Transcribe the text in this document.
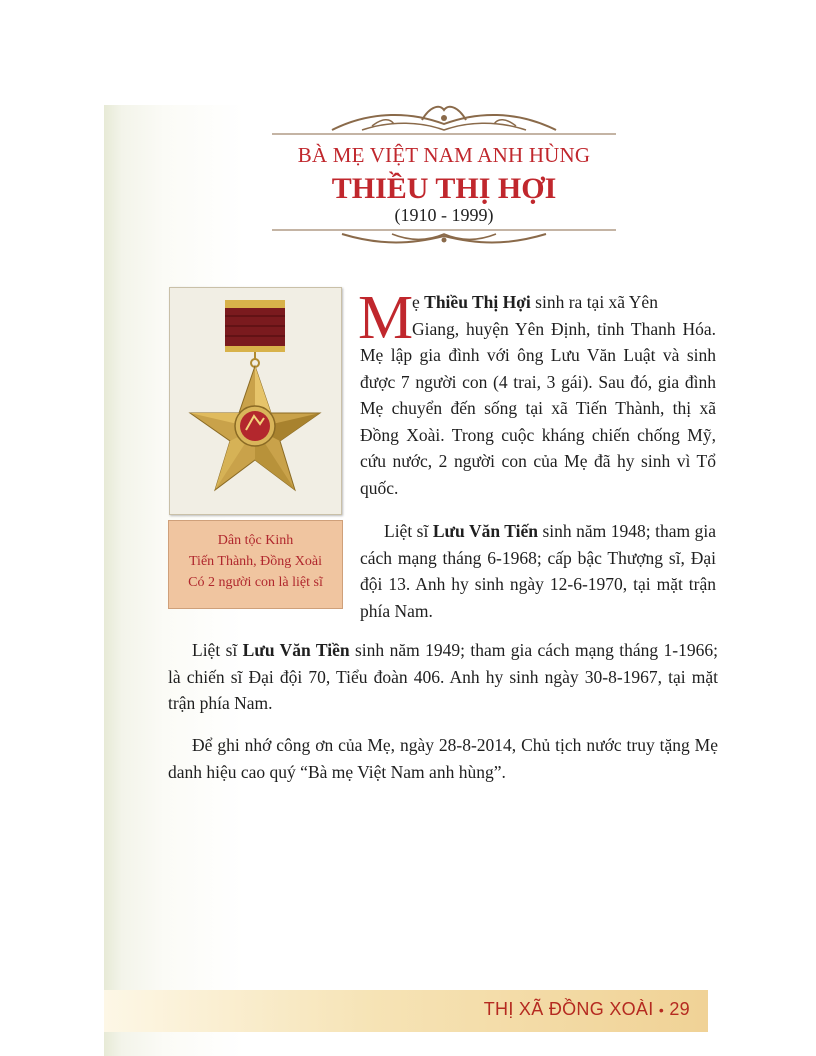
BÀ MẸ VIỆT NAM ANH HÙNG
THIỀU THỊ HỢI
(1910 - 1999)
Dân tộc Kinh
Tiến Thành, Đồng Xoài
Có 2 người con là liệt sĩ
M
ẹ Thiều Thị Hợi sinh ra tại xã Yên
Giang, huyện Yên Định, tỉnh Thanh Hóa. Mẹ lập gia đình với ông Lưu Văn Luật và sinh được 7 người con (4 trai, 3 gái). Sau đó, gia đình Mẹ chuyển đến sống tại xã Tiến Thành, thị xã Đồng Xoài. Trong cuộc kháng chiến chống Mỹ, cứu nước, 2 người con của Mẹ đã hy sinh vì Tổ quốc.
Liệt sĩ Lưu Văn Tiến sinh năm 1948; tham gia cách mạng tháng 6-1968; cấp bậc Thượng sĩ, Đại đội 13. Anh hy sinh ngày 12-6-1970, tại mặt trận phía Nam.
Liệt sĩ Lưu Văn Tiền sinh năm 1949; tham gia cách mạng tháng 1-1966; là chiến sĩ Đại đội 70, Tiểu đoàn 406. Anh hy sinh ngày 30-8-1967, tại mặt trận phía Nam.
Để ghi nhớ công ơn của Mẹ, ngày 28-8-2014, Chủ tịch nước truy tặng Mẹ danh hiệu cao quý “Bà mẹ Việt Nam anh hùng”.
THỊ XÃ ĐỒNG XOÀI • 29
